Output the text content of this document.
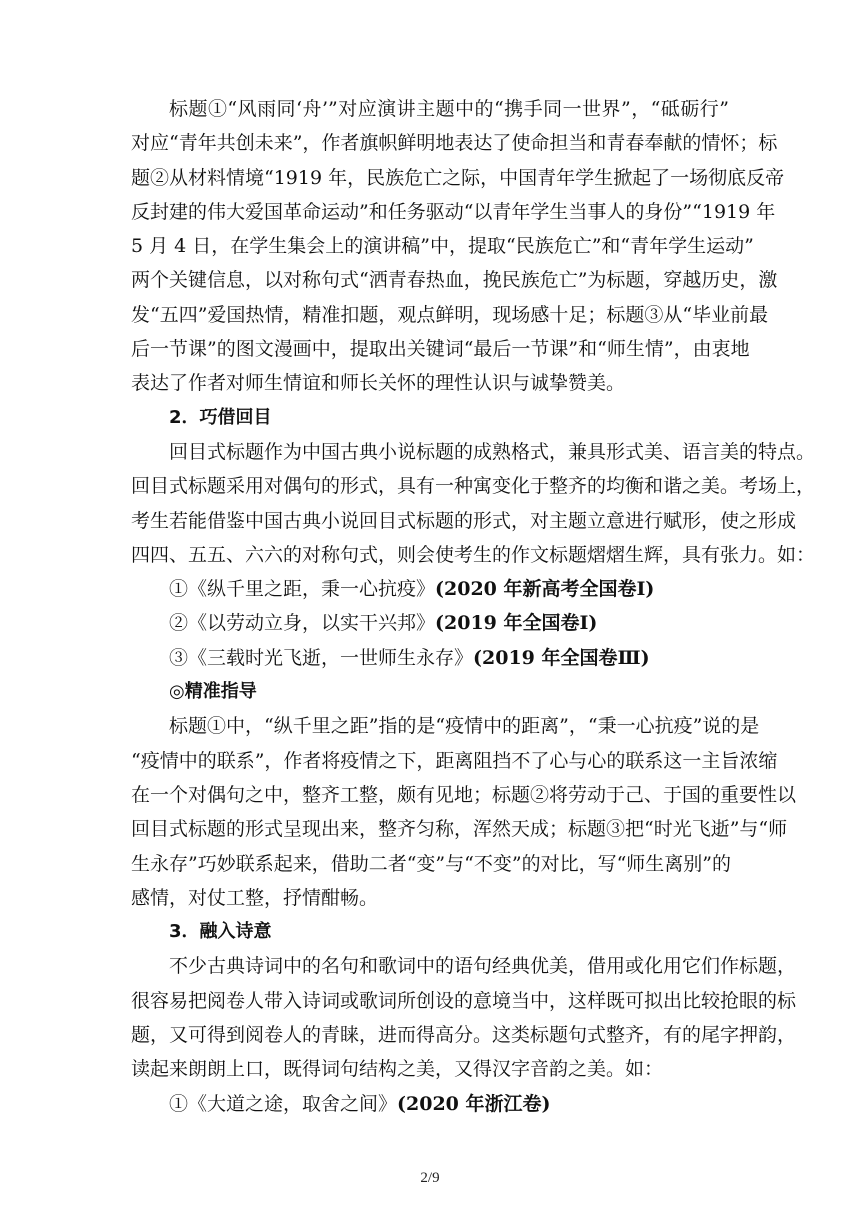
标题①“风雨同‘舟’”对应演讲主题中的“携手同一世界”，“砥砺行”
对应“青年共创未来”，作者旗帜鲜明地表达了使命担当和青春奉献的情怀；标
题②从材料情境“1919 年，民族危亡之际，中国青年学生掀起了一场彻底反帝
反封建的伟大爱国革命运动”和任务驱动“以青年学生当事人的身份”“1919 年
5 月 4 日，在学生集会上的演讲稿”中，提取“民族危亡”和“青年学生运动”
两个关键信息，以对称句式“洒青春热血，挽民族危亡”为标题，穿越历史，激
发“五四”爱国热情，精准扣题，观点鲜明，现场感十足；标题③从“毕业前最
后一节课”的图文漫画中，提取出关键词“最后一节课”和“师生情”，由衷地
表达了作者对师生情谊和师长关怀的理性认识与诚挚赞美。
2．巧借回目
回目式标题作为中国古典小说标题的成熟格式，兼具形式美、语言美的特点。
回目式标题采用对偶句的形式，具有一种寓变化于整齐的均衡和谐之美。考场上，
考生若能借鉴中国古典小说回目式标题的形式，对主题立意进行赋形，使之形成
四四、五五、六六的对称句式，则会使考生的作文标题熠熠生辉，具有张力。如：
①《纵千里之距，秉一心抗疫》(2020 年新高考全国卷Ⅰ)
②《以劳动立身，以实干兴邦》(2019 年全国卷Ⅰ)
③《三载时光飞逝，一世师生永存》(2019 年全国卷Ⅲ)
◎精准指导
标题①中，“纵千里之距”指的是“疫情中的距离”，“秉一心抗疫”说的是
“疫情中的联系”，作者将疫情之下，距离阻挡不了心与心的联系这一主旨浓缩
在一个对偶句之中，整齐工整，颇有见地；标题②将劳动于己、于国的重要性以
回目式标题的形式呈现出来，整齐匀称，浑然天成；标题③把“时光飞逝”与“师
生永存”巧妙联系起来，借助二者“变”与“不变”的对比，写“师生离别”的
感情，对仗工整，抒情酣畅。
3．融入诗意
不少古典诗词中的名句和歌词中的语句经典优美，借用或化用它们作标题，
很容易把阅卷人带入诗词或歌词所创设的意境当中，这样既可拟出比较抢眼的标
题，又可得到阅卷人的青睐，进而得高分。这类标题句式整齐，有的尾字押韵，
读起来朗朗上口，既得词句结构之美，又得汉字音韵之美。如：
①《大道之途，取舍之间》(2020 年浙江卷)
2/9
